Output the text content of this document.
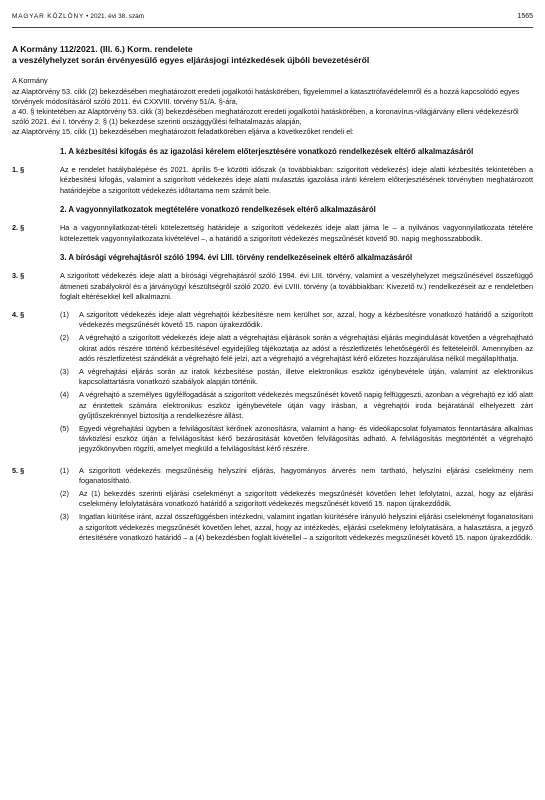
MAGYAR KÖZLÖNY • 2021. évi 38. szám	1565
A Kormány 112/2021. (III. 6.) Korm. rendelete
a veszélyhelyzet során érvényesülő egyes eljárásjogi intézkedések újbóli bevezetéséről

A Kormány

az Alaptörvény 53. cikk (2) bekezdésében meghatározott eredeti jogalkotói hatáskörében, figyelemmel a katasztrófavédelemről és a hozzá kapcsolódó egyes törvények módosításáról szóló 2011. évi CXXVIII. törvény 51/A. §-ára,

a 40. § tekintetében az Alaptörvény 53. cikk (3) bekezdésében meghatározott eredeti jogalkotói hatáskörében, a koronavírus-világjárvány elleni védekezésről szóló 2021. évi I. törvény 2. § (1) bekezdése szerinti országgyűlési felhatalmazás alapján,

az Alaptörvény 15. cikk (1) bekezdésében meghatározott feladatkörében eljárva a következőket rendeli el:

1. A kézbesítési kifogás és az igazolási kérelem előterjesztésére vonatkozó rendelkezések eltérő alkalmazásáról
1. §	Az e rendelet hatálybalépése és 2021. április 5-e közötti időszak (a továbbiakban: szigorított védekezés) ideje alatti kézbesítés tekintetében a kézbesítési kifogás, valamint a szigorított védekezés ideje alatti mulasztás igazolása iránti kérelem előterjesztésének törvényben meghatározott határidejébe a szigorított védekezés időtartama nem számít bele.
2. A vagyonnyilatkozatok megtételére vonatkozó rendelkezések eltérő alkalmazásáról
2. §	Ha a vagyonnyilatkozat-tételi kötelezettség határideje a szigorított védekezés ideje alatt járna le – a nyilvános vagyonnyilatkozata tételére kötelezettek vagyonnyilatkozata kivételével –, a határidő a szigorított védekezés megszűnését követő 90. napig meghosszabbodik.
3. A bírósági végrehajtásról szóló 1994. évi LIII. törvény rendelkezéseinek eltérő alkalmazásáról
3. §	A szigorított védekezés ideje alatt a bírósági végrehajtásról szóló 1994. évi LIII. törvény, valamint a veszélyhelyzet megszűnésével összefüggő átmeneti szabályokról és a járványügyi készültségről szóló 2020. évi LVIII. törvény (a továbbiakban: Kivezető tv.) rendelkezéseit az e rendeletben foglalt eltérésekkel kell alkalmazni.
4. §	(1)	A szigorított védekezés ideje alatt végrehajtói kézbesítésre nem kerülhet sor, azzal, hogy a kézbesítésre vonatkozó határidő a szigorított védekezés megszűnését követő 15. napon újrakezdődik.
(2)	A végrehajtó a szigorított védekezés ideje alatt a végrehajtási eljárások során a végrehajtási eljárás megindulását követően a végrehajtható okirat adós részére történő kézbesítésével egyidejűleg tájékoztatja az adóst a részletfizetés lehetőségéről és feltételeiről. Amennyiben az adós részletfizetést szándékát a végrehajtó felé jelzi, azt a végrehajtó a végrehajtást kérő előzetes hozzájárulása nélkül megállapíthatja.
(3)	A végrehajtási eljárás során az iratok kézbesítése postán, illetve elektronikus eszköz igénybevétele útján, valamint az elektronikus kapcsolattartásra vonatkozó szabályok alapján történik.
(4)	A végrehajtó a személyes ügyfélfogadását a szigorított védekezés megszűnését követő napig felfüggeszti, azonban a végrehajtó ez idő alatt az érintettek számára elektronikus eszköz igénybevétele útján vagy írásban, a végrehajtói iroda bejáratánál elhelyezett zárt gyűjtőszekrénnyel biztosítja a rendelkezésre állást.
(5)	Egyedi végrehajtási ügyben a felvilágosítást kérőnek azonosításra, valamint a hang- és videókapcsolat folyamatos fenntartására alkalmas távközlési eszköz útján a felvilágosítást kérő bezárositását követően felvilágosítás adható. A felvilágosítás megtörténtét a végrehajtó jegyzőkönyvben rögzíti, amelyet megküld a felvilágosítást kérő részére.
5. §	(1)	A szigorított védekezés megszűnéséig helyszíni eljárás, hagyományos árverés nem tartható, helyszíni eljárási cselekmény nem foganatosítható.
(2)	Az (1) bekezdés szerinti eljárási cselekményt a szigorított védekezés megszűnését követően lehet lefolytatni, azzal, hogy az eljárási cselekmény lefolytatására vonatkozó határidő a szigorított védekezés megszűnését követő 15. napon újrakezdődik.
(3)	Ingatlan kiürítése iránt, azzal összefüggésben intézkedni, valamint ingatlan kiürítésére irányuló helyszíni eljárási cselekményt foganatosítani a szigorított védekezés megszűnését követően lehet, azzal, hogy az intézkedés, eljárási cselekmény lefolytatására, a halasztásra, a jegyző értesítésére vonatkozó határidő – a (4) bekezdésben foglalt kivétellel – a szigorított védekezés megszűnését követő 15. napon újrakezdődik.
